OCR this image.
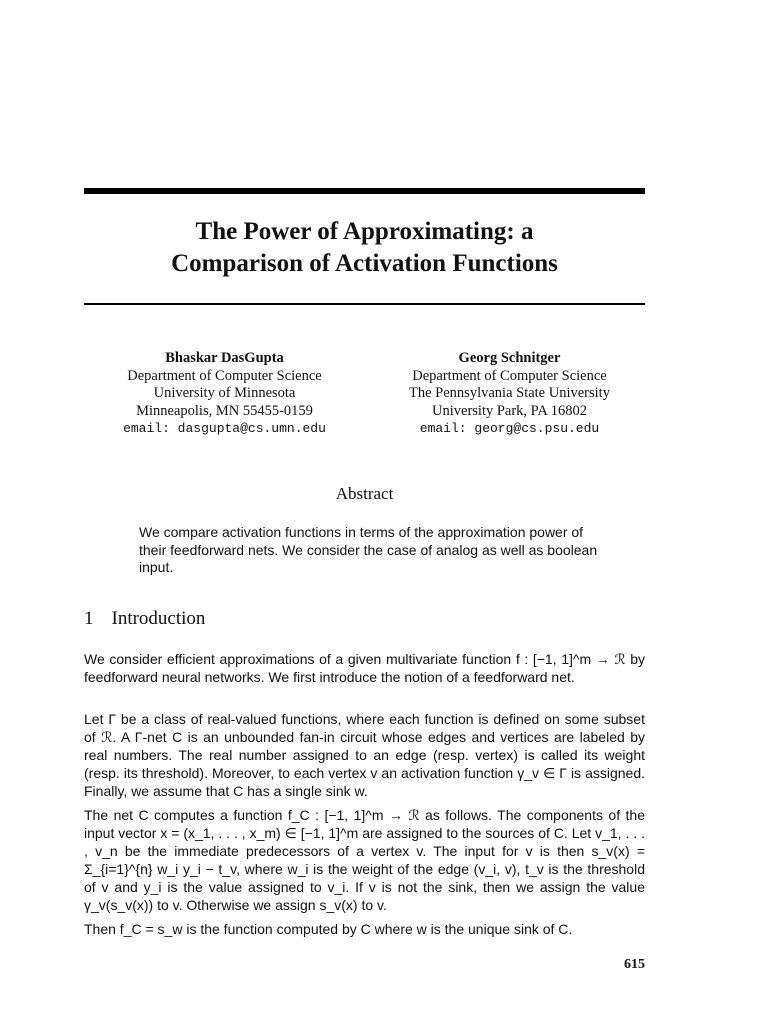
The Power of Approximating: a
Comparison of Activation Functions
Bhaskar DasGupta
Department of Computer Science
University of Minnesota
Minneapolis, MN 55455-0159
email: dasgupta@cs.umn.edu
Georg Schnitger
Department of Computer Science
The Pennsylvania State University
University Park, PA 16802
email: georg@cs.psu.edu
Abstract

We compare activation functions in terms of the approximation power of their feedforward nets. We consider the case of analog as well as boolean input.

1 Introduction

We consider efficient approximations of a given multivariate function f : [−1, 1]^m → ℛ by feedforward neural networks. We first introduce the notion of a feedforward net.

Let Γ be a class of real-valued functions, where each function is defined on some subset of ℛ. A Γ-net C is an unbounded fan-in circuit whose edges and vertices are labeled by real numbers. The real number assigned to an edge (resp. vertex) is called its weight (resp. its threshold). Moreover, to each vertex v an activation function γ_v ∈ Γ is assigned. Finally, we assume that C has a single sink w.

The net C computes a function f_C : [−1, 1]^m → ℛ as follows. The components of the input vector x = (x_1, . . . , x_m) ∈ [−1, 1]^m are assigned to the sources of C. Let v_1, . . . , v_n be the immediate predecessors of a vertex v. The input for v is then s_v(x) = Σ_{i=1}^{n} w_i y_i − t_v, where w_i is the weight of the edge (v_i, v), t_v is the threshold of v and y_i is the value assigned to v_i. If v is not the sink, then we assign the value γ_v(s_v(x)) to v. Otherwise we assign s_v(x) to v.

Then f_C = s_w is the function computed by C where w is the unique sink of C.

615
